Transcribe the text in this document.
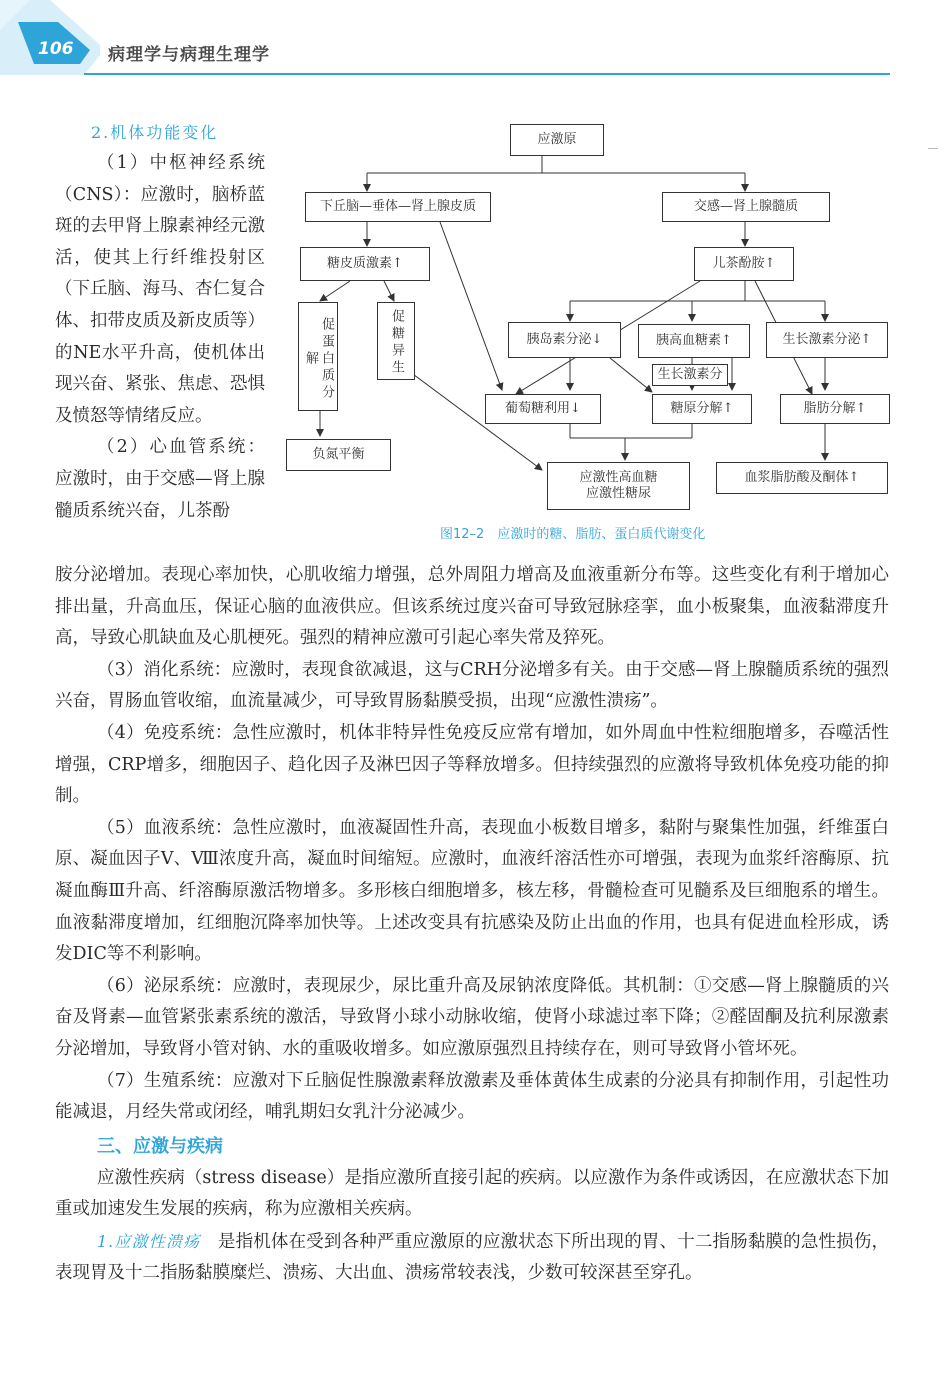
106 病理学与病理生理学
2.机体功能变化
（1）中枢神经系统（CNS）：应激时，脑桥蓝斑的去甲肾上腺素神经元激活，使其上行纤维投射区（下丘脑、海马、杏仁复合体、扣带皮质及新皮质等）的NE水平升高，使机体出现兴奋、紧张、焦虑、恐惧及愤怒等情绪反应。
（2）心血管系统：应激时，由于交感—肾上腺髓质系统兴奋，儿茶酚
应激原
下丘脑—垂体—肾上腺皮质	交感—肾上腺髓质
糖皮质激素↑	儿茶酚胺↑
促蛋白质分解	促糖异生	胰岛素分泌↓	胰高血糖素↑	生长激素分泌↑
生长激素分
葡萄糖利用↓	糖原分解↑	脂肪分解↑
负氮平衡
应激性高血糖
应激性糖尿
血浆脂肪酸及酮体↑
图12–2　应激时的糖、脂肪、蛋白质代谢变化

胺分泌增加。表现心率加快，心肌收缩力增强，总外周阻力增高及血液重新分布等。这些变化有利于增加心排出量，升高血压，保证心脑的血液供应。但该系统过度兴奋可导致冠脉痉挛，血小板聚集，血液黏滞度升高，导致心肌缺血及心肌梗死。强烈的精神应激可引起心率失常及猝死。

（3）消化系统：应激时，表现食欲减退，这与CRH分泌增多有关。由于交感—肾上腺髓质系统的强烈兴奋，胃肠血管收缩，血流量减少，可导致胃肠黏膜受损，出现“应激性溃疡”。

（4）免疫系统：急性应激时，机体非特异性免疫反应常有增加，如外周血中性粒细胞增多，吞噬活性增强，CRP增多，细胞因子、趋化因子及淋巴因子等释放增多。但持续强烈的应激将导致机体免疫功能的抑制。

（5）血液系统：急性应激时，血液凝固性升高，表现血小板数目增多，黏附与聚集性加强，纤维蛋白原、凝血因子Ⅴ、Ⅷ浓度升高，凝血时间缩短。应激时，血液纤溶活性亦可增强，表现为血浆纤溶酶原、抗凝血酶Ⅲ升高、纤溶酶原激活物增多。多形核白细胞增多，核左移，骨髓检查可见髓系及巨细胞系的增生。血液黏滞度增加，红细胞沉降率加快等。上述改变具有抗感染及防止出血的作用，也具有促进血栓形成，诱发DIC等不利影响。

（6）泌尿系统：应激时，表现尿少，尿比重升高及尿钠浓度降低。其机制：①交感—肾上腺髓质的兴奋及肾素—血管紧张素系统的激活，导致肾小球小动脉收缩，使肾小球滤过率下降；②醛固酮及抗利尿激素分泌增加，导致肾小管对钠、水的重吸收增多。如应激原强烈且持续存在，则可导致肾小管坏死。

（7）生殖系统：应激对下丘脑促性腺激素释放激素及垂体黄体生成素的分泌具有抑制作用，引起性功能减退，月经失常或闭经，哺乳期妇女乳汁分泌减少。

三、应激与疾病

应激性疾病（stress disease）是指应激所直接引起的疾病。以应激作为条件或诱因，在应激状态下加重或加速发生发展的疾病，称为应激相关疾病。

1.应激性溃疡　是指机体在受到各种严重应激原的应激状态下所出现的胃、十二指肠黏膜的急性损伤，表现胃及十二指肠黏膜糜烂、溃疡、大出血、溃疡常较表浅，少数可较深甚至穿孔。
